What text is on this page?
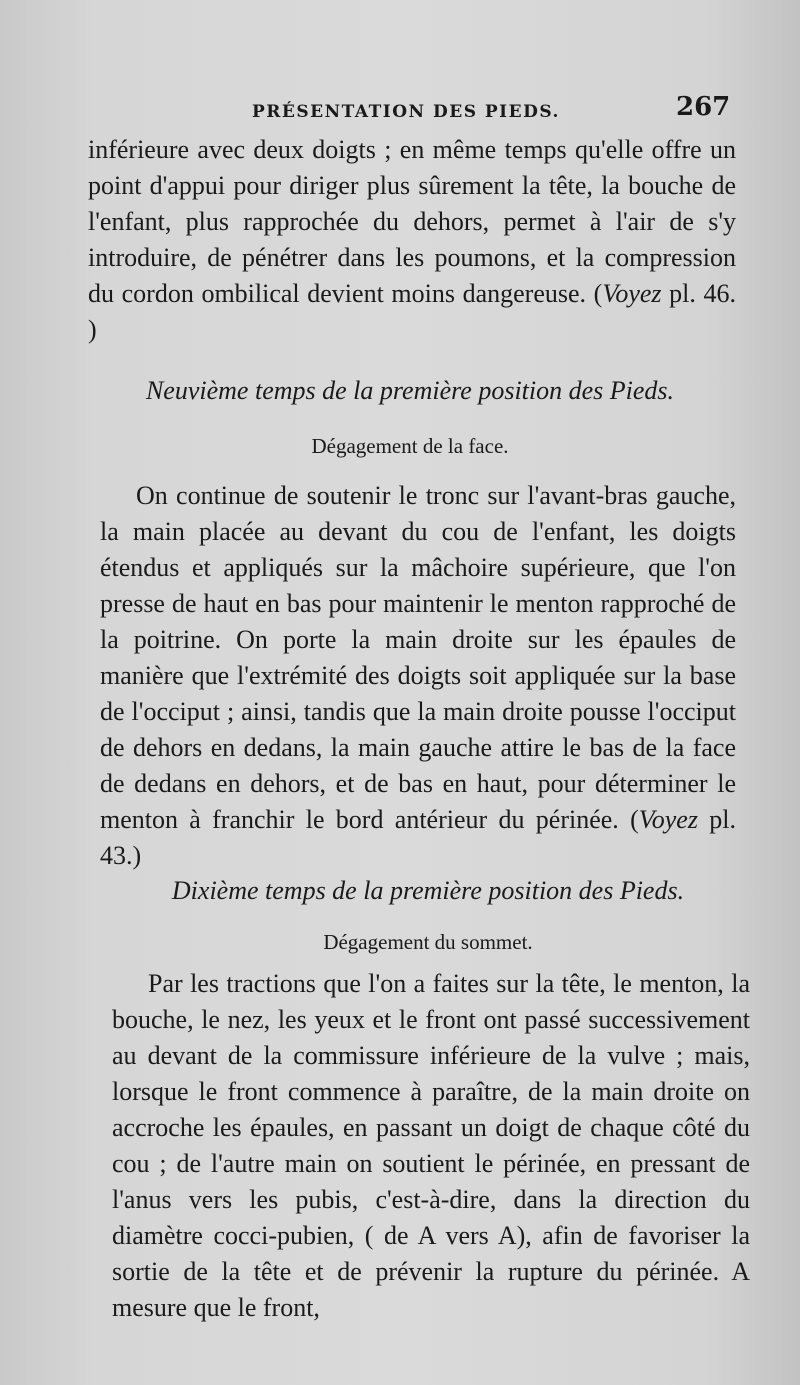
PRÉSENTATION DES PIEDS.	267

inférieure avec deux doigts ; en même temps qu'elle offre un point d'appui pour diriger plus sûrement la tête, la bouche de l'enfant, plus rapprochée du dehors, permet à l'air de s'y introduire, de pénétrer dans les poumons, et la compression du cordon ombilical devient moins dangereuse. (Voyez pl. 46. )

Neuvième temps de la première position des Pieds.
Dégagement de la face.

On continue de soutenir le tronc sur l'avant-bras gauche, la main placée au devant du cou de l'enfant, les doigts étendus et appliqués sur la mâchoire supérieure, que l'on presse de haut en bas pour maintenir le menton rapproché de la poitrine. On porte la main droite sur les épaules de manière que l'extrémité des doigts soit appliquée sur la base de l'occiput ; ainsi, tandis que la main droite pousse l'occiput de dehors en dedans, la main gauche attire le bas de la face de dedans en dehors, et de bas en haut, pour déterminer le menton à franchir le bord antérieur du périnée. (Voyez pl. 43.)

Dixième temps de la première position des Pieds.
Dégagement du sommet.

Par les tractions que l'on a faites sur la tête, le menton, la bouche, le nez, les yeux et le front ont passé successivement au devant de la commissure inférieure de la vulve ; mais, lorsque le front commence à paraître, de la main droite on accroche les épaules, en passant un doigt de chaque côté du cou ; de l'autre main on soutient le périnée, en pressant de l'anus vers les pubis, c'est-à-dire, dans la direction du diamètre cocci-pubien, ( de A vers A), afin de favoriser la sortie de la tête et de prévenir la rupture du périnée. A mesure que le front,
